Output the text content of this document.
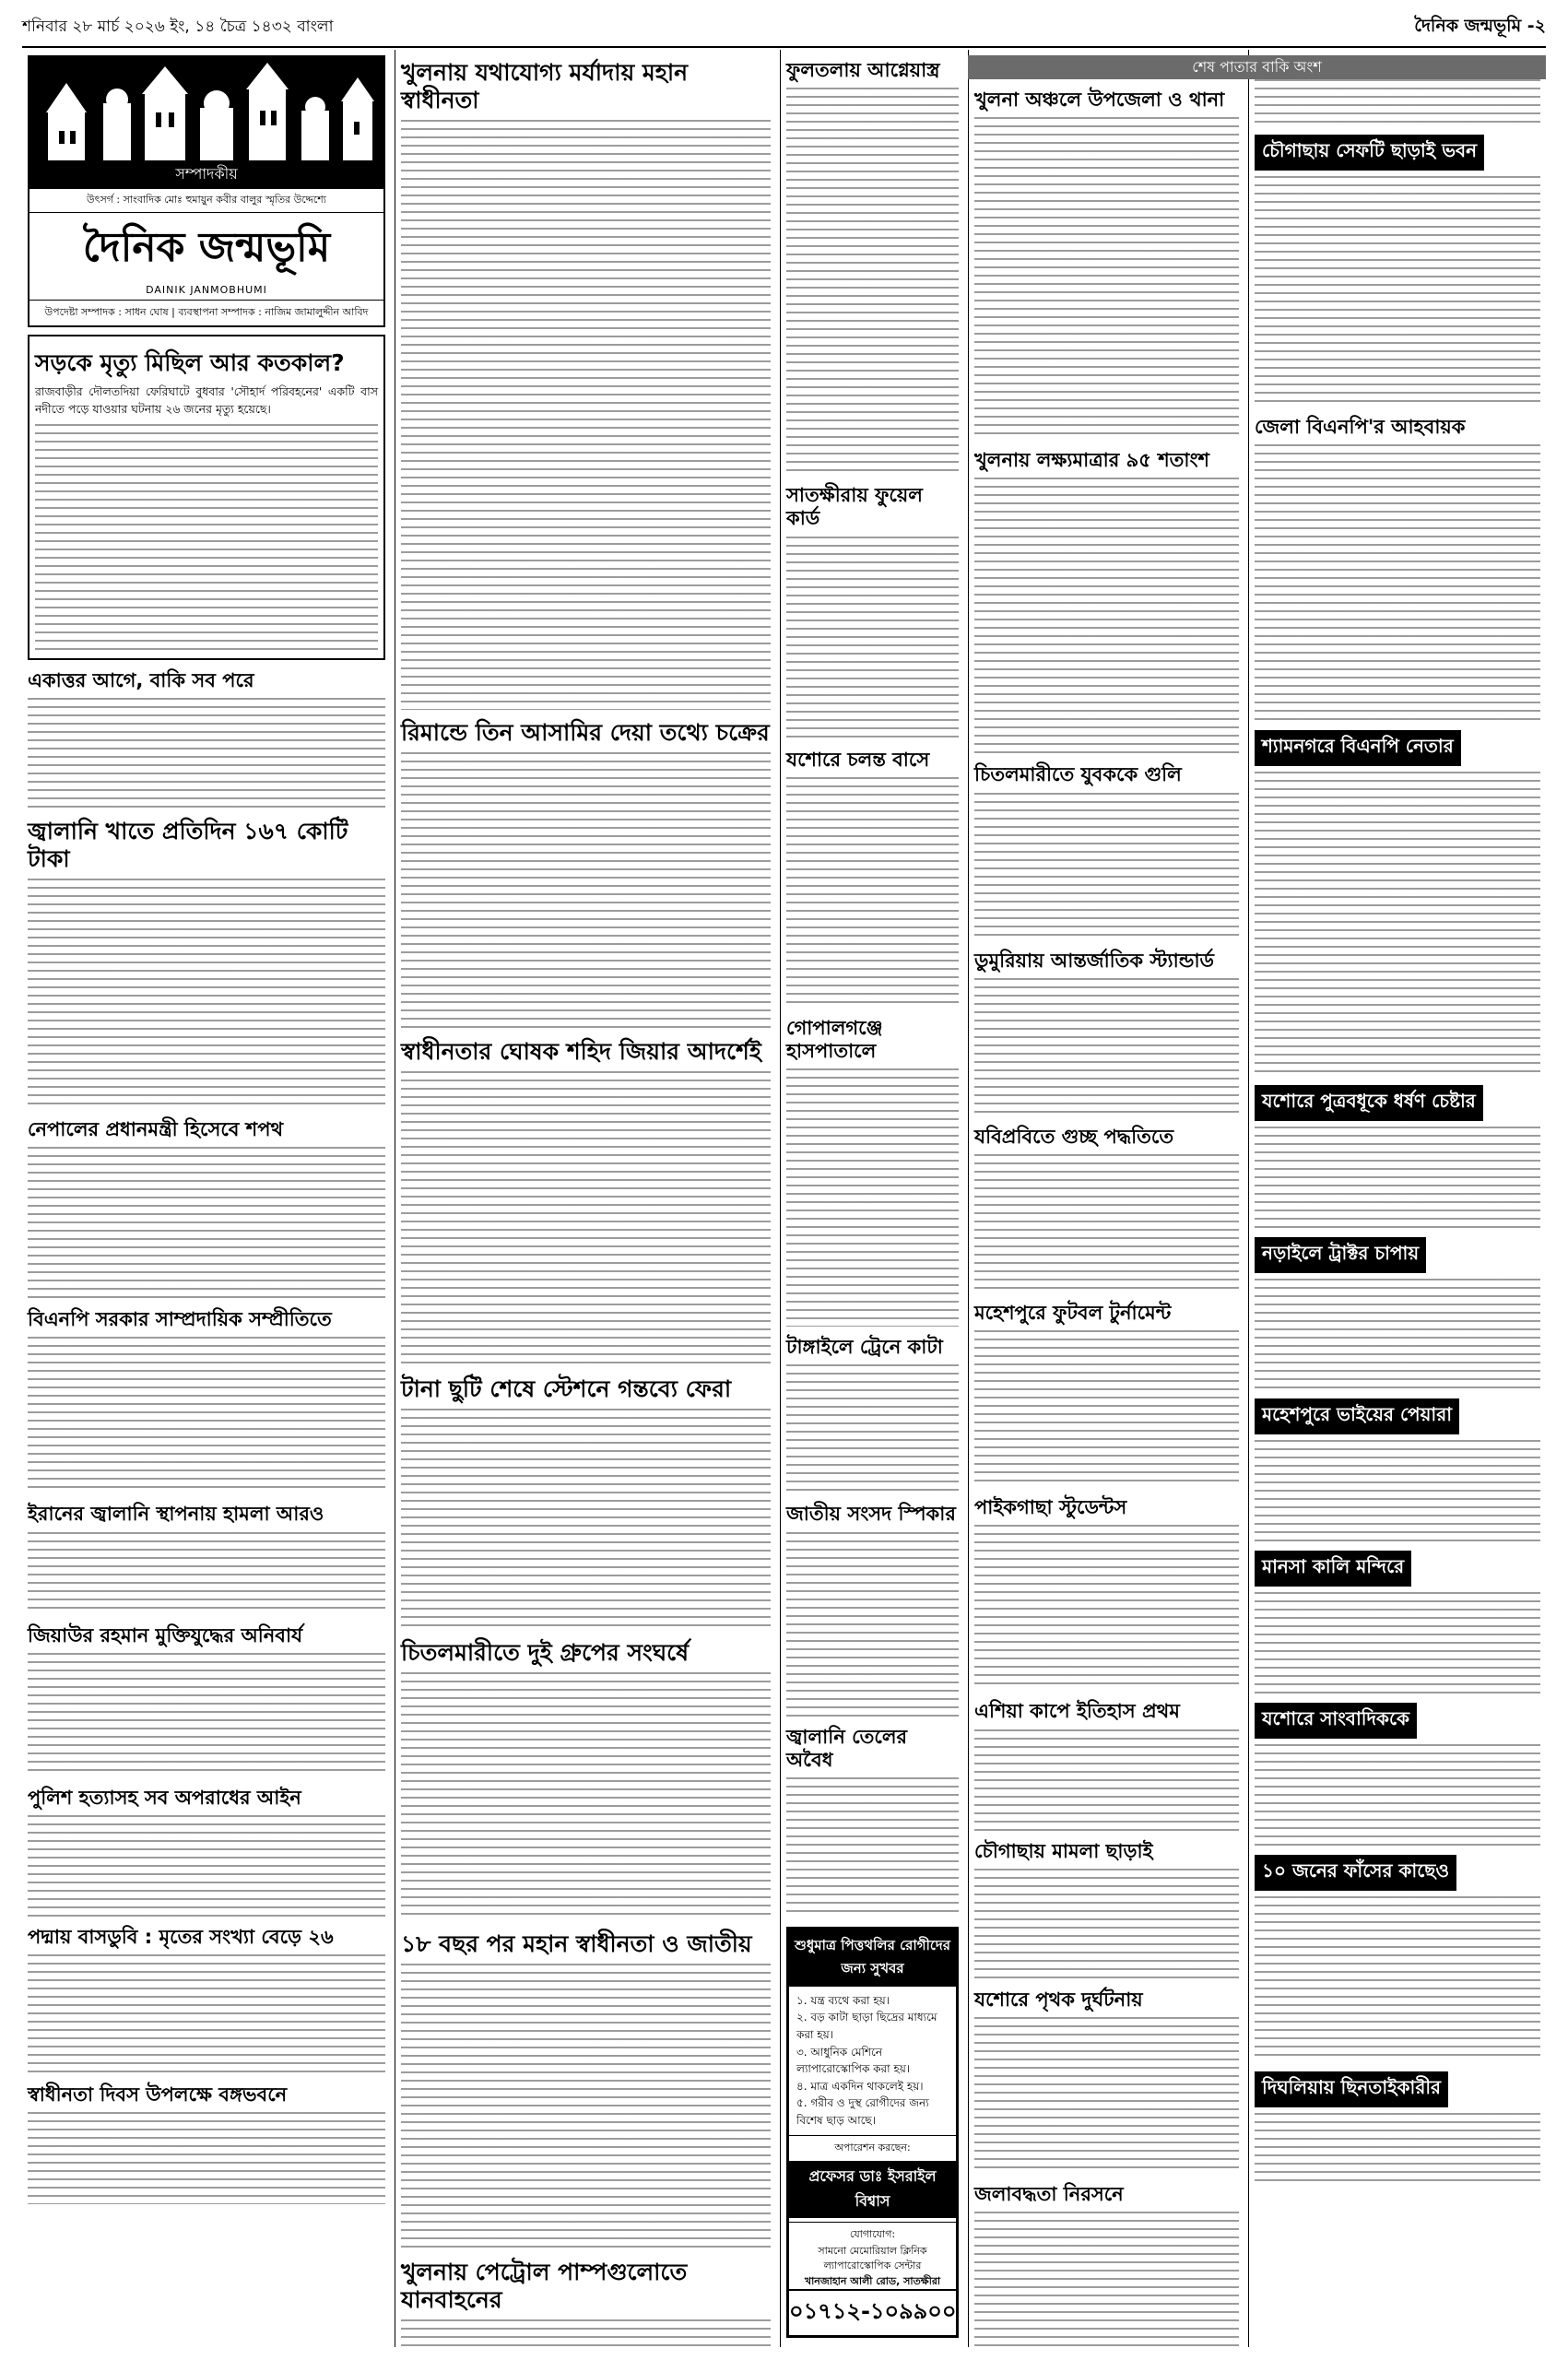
শনিবার ২৮ মার্চ ২০২৬ ইং, ১৪ চৈত্র ১৪৩২ বাংলা	দৈনিক জন্মভূমি -২
শেষ পাতার বাকি অংশ
সম্পাদকীয়
উৎসর্গ : সাংবাদিক মোঃ হুমায়ুন কবীর বালুর স্মৃতির উদ্দেশ্যে
দৈনিক জন্মভূমি
DAINIK JANMOBHUMI
উপদেষ্টা সম্পাদক : সাধন ঘোষ | ব্যবস্থাপনা সম্পাদক : নাজিম জামালুদ্দীন আবিদ
সড়কে মৃত্যু মিছিল আর কতকাল?

রাজবাড়ীর দৌলতদিয়া ফেরিঘাটে বুধবার 'সৌহার্দ পরিবহনের' একটি বাস নদীতে পড়ে যাওয়ার ঘটনায় ২৬ জনের মৃত্যু হয়েছে।

একাত্তর আগে, বাকি সব পরে

জ্বালানি খাতে প্রতিদিন ১৬৭ কোটি টাকা

নেপালের প্রধানমন্ত্রী হিসেবে শপথ

বিএনপি সরকার সাম্প্রদায়িক সম্প্রীতিতে

ইরানের জ্বালানি স্থাপনায় হামলা আরও

জিয়াউর রহমান মুক্তিযুদ্ধের অনিবার্য

পুলিশ হত্যাসহ সব অপরাধের আইন

পদ্মায় বাসডুবি : মৃতের সংখ্যা বেড়ে ২৬

স্বাধীনতা দিবস উপলক্ষে বঙ্গভবনে

খুলনায় যথাযোগ্য মর্যাদায় মহান স্বাধীনতা

রিমান্ডে তিন আসামির দেয়া তথ্যে চক্রের

স্বাধীনতার ঘোষক শহিদ জিয়ার আদর্শেই

টানা ছুটি শেষে স্টেশনে গন্তব্যে ফেরা

চিতলমারীতে দুই গ্রুপের সংঘর্ষে

১৮ বছর পর মহান স্বাধীনতা ও জাতীয়

খুলনায় পেট্রোল পাম্পগুলোতে যানবাহনের

ফুলতলায় আগ্নেয়াস্ত্র

সাতক্ষীরায় ফুয়েল কার্ড

যশোরে চলন্ত বাসে

গোপালগঞ্জে হাসপাতালে

টাঙ্গাইলে ট্রেনে কাটা

জাতীয় সংসদ স্পিকার

জ্বালানি তেলের অবৈধ

শুধুমাত্র পিত্তথলির রোগীদের জন্য সুখবর
১. যন্ত্র ব্যথে করা হয়।
২. বড় কাটা ছাড়া ছিদ্রের মাধ্যমে করা হয়।
৩. আধুনিক মেশিনে ল্যাপারোস্কোপিক করা হয়।
৪. মাত্র একদিন থাকলেই হয়।
৫. গরীব ও দুস্থ রোগীদের জন্য বিশেষ ছাড় আছে।
অপারেশন করছেন:
প্রফেসর ডাঃ ইসরাইল বিশ্বাস
যোগাযোগ:
সামনো মেমোরিয়াল ক্লিনিক ল্যাপারোস্কোপিক সেন্টার
খানজাহান আলী রোড, সাতক্ষীরা
০১৭১২-১০৯৯০০
খুলনা অঞ্চলে উপজেলা ও থানা

খুলনায় লক্ষ্যমাত্রার ৯৫ শতাংশ

চিতলমারীতে যুবককে গুলি

ডুমুরিয়ায় আন্তর্জাতিক স্ট্যান্ডার্ড

যবিপ্রবিতে গুচ্ছ পদ্ধতিতে

মহেশপুরে ফুটবল টুর্নামেন্ট

পাইকগাছা স্টুডেন্টস

এশিয়া কাপে ইতিহাস প্রথম

চৌগাছায় মামলা ছাড়াই

যশোরে পৃথক দুর্ঘটনায়

জলাবদ্ধতা নিরসনে

চৌগাছায় সেফটি ছাড়াই ভবন

জেলা বিএনপি'র আহবায়ক

শ্যামনগরে বিএনপি নেতার

যশোরে পুত্রবধূকে ধর্ষণ চেষ্টার

নড়াইলে ট্রাক্টর চাপায়

মহেশপুরে ভাইয়ের পেয়ারা

মানসা কালি মন্দিরে

যশোরে সাংবাদিককে

১০ জনের ফাঁসের কাছেও

দিঘলিয়ায় ছিনতাইকারীর
